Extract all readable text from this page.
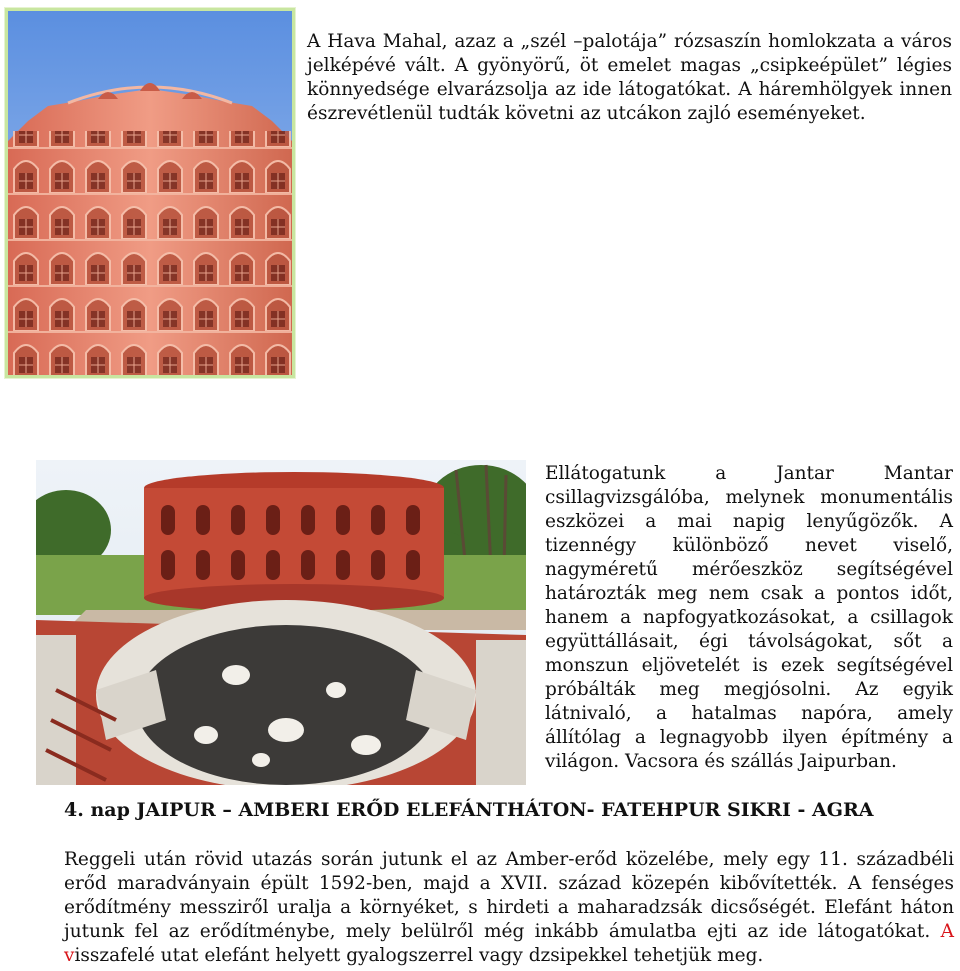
A Hava Mahal, azaz a „szél –palotája” rózsaszín homlokzata a város jelképévé vált. A gyönyörű, öt emelet magas „csipkeépület” légies könnyedsége elvarázsolja az ide látogatókat. A háremhölgyek innen észrevétlenül tudták követni az utcákon zajló eseményeket.

Ellátogatunk a Jantar Mantar csillagvizsgálóba, melynek monumentális eszközei a mai napig lenyűgözők. A tizennégy különböző nevet viselő, nagyméretű mérőeszköz segítségével határozták meg nem csak a pontos időt, hanem a napfogyatkozásokat, a csillagok együttállásait, égi távolságokat, sőt a monszun eljövetelét is ezek segítségével próbálták meg megjósolni. Az egyik látnivaló, a hatalmas napóra, amely állítólag a legnagyobb ilyen építmény a világon. Vacsora és szállás Jaipurban.

4. nap JAIPUR – AMBERI ERŐD ELEFÁNTHÁTON- FATEHPUR SIKRI - AGRA

Reggeli után rövid utazás során jutunk el az Amber-erőd közelébe, mely egy 11. századbéli erőd maradványain épült 1592-ben, majd a XVII. század közepén kibővítették. A fenséges erődítmény messziről uralja a környéket, s hirdeti a maharadzsák dicsőségét. Elefánt háton jutunk fel az erődítménybe, mely belülről még inkább ámulatba ejti az ide látogatókat. A visszafelé utat elefánt helyett gyalogszerrel vagy dzsipekkel tehetjük meg.
